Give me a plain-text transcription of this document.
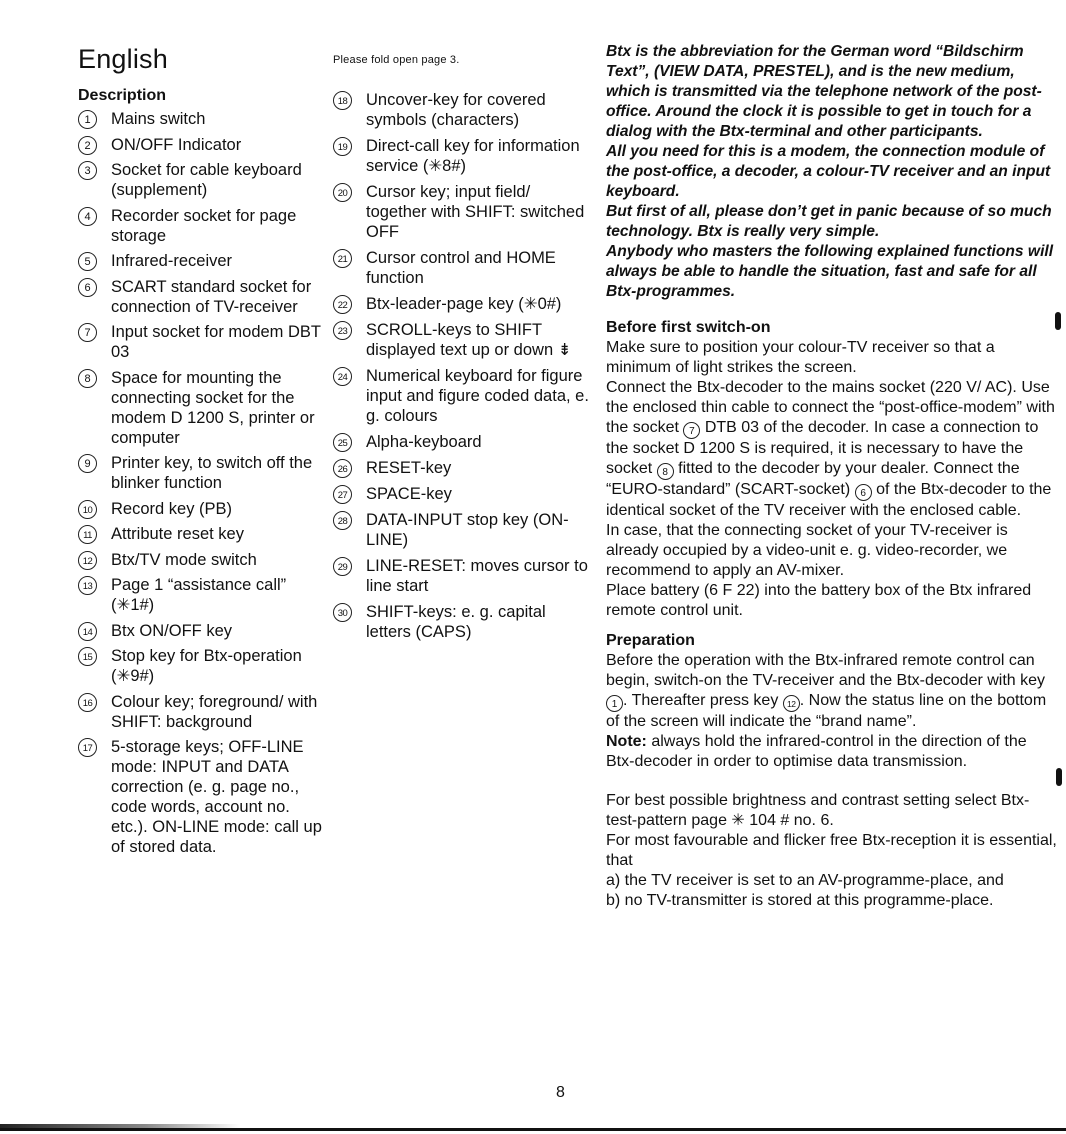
English
Description
1	Mains switch
2	ON/OFF Indicator
3	Socket for cable keyboard (supplement)
4	Recorder socket for page storage
5	Infrared-receiver
6	SCART standard socket for connection of TV-receiver
7	Input socket for modem DBT 03
8	Space for mounting the connecting socket for the modem D 1200 S, printer or computer
9	Printer key, to switch off the blinker function
10 Record key (PB)
11	Attribute reset key
12 Btx/TV mode switch
13 Page 1 “assistance call” (✳1#)
14 Btx ON/OFF key
15 Stop key for Btx-operation (✳9#)
16 Colour key; foreground/ with SHIFT: background
17 5-storage keys; OFF-LINE mode: INPUT and DATA correction (e. g. page no., code words, account no. etc.). ON-LINE mode: call up of stored data.
Please fold open page 3.
18 Uncover-key for covered symbols (characters)
19 Direct-call key for information service (✳8#)
20 Cursor key; input field/ together with SHIFT: switched OFF
21 Cursor control and HOME function
22 Btx-leader-page key (✳0#)
23 SCROLL-keys to SHIFT displayed text up or down ⇟
24 Numerical keyboard for figure input and figure coded data, e. g. colours
25 Alpha-keyboard
26 RESET-key
27 SPACE-key
28 DATA-INPUT stop key (ON-LINE)
29 LINE-RESET: moves cursor to line start
30 SHIFT-keys: e. g. capital letters (CAPS)

Btx is the abbreviation for the German word “Bildschirm Text”, (VIEW DATA, PRESTEL), and is the new medium, which is transmitted via the telephone network of the post-office. Around the clock it is possible to get in touch for a dialog with the Btx-terminal and other participants.

All you need for this is a modem, the connection module of the post-office, a decoder, a colour-TV receiver and an input keyboard.

But first of all, please don’t get in panic because of so much technology. Btx is really very simple.

Anybody who masters the following explained functions will always be able to handle the situation, fast and safe for all Btx-programmes.

Before first switch-on

Make sure to position your colour-TV receiver so that a minimum of light strikes the screen.

Connect the Btx-decoder to the mains socket (220 V/ AC). Use the enclosed thin cable to connect the “post-office-modem” with the socket 7 DTB 03 of the decoder. In case a connection to the socket D 1200 S is required, it is necessary to have the socket 8 fitted to the decoder by your dealer. Connect the “EURO-standard” (SCART-socket) 6 of the Btx-decoder to the identical socket of the TV receiver with the enclosed cable.

In case, that the connecting socket of your TV-receiver is already occupied by a video-unit e. g. video-recorder, we recommend to apply an AV-mixer.

Place battery (6 F 22) into the battery box of the Btx infrared remote control unit.

Preparation

Before the operation with the Btx-infrared remote control can begin, switch-on the TV-receiver and the Btx-decoder with key 1 . Thereafter press key 12 . Now the status line on the bottom of the screen will indicate the “brand name”.

Note: always hold the infrared-control in the direction of the Btx-decoder in order to optimise data transmission.

For best possible brightness and contrast setting select Btx-test-pattern page ✳ 104 # no. 6.

For most favourable and flicker free Btx-reception it is essential, that

a) the TV receiver is set to an AV-programme-place, and

b) no TV-transmitter is stored at this programme-place.

8
